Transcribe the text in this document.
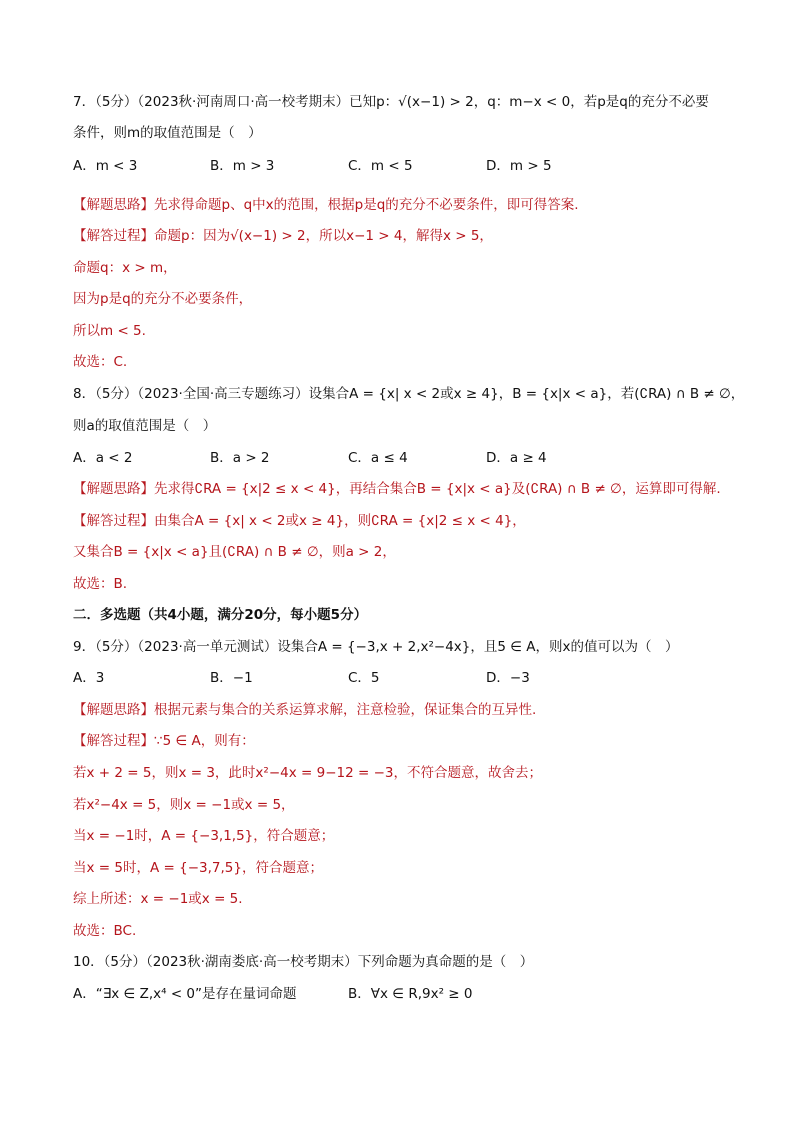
7．（5分）（2023秋·河南周口·高一校考期末）已知p：√(x−1) > 2，q：m−x < 0，若p是q的充分不必要
条件，则m的取值范围是（　）
【解题思路】先求得命题p、q中x的范围，根据p是q的充分不必要条件，即可得答案.
【解答过程】命题p：因为√(x−1) > 2，所以x−1 > 4，解得x > 5，
命题q：x > m，
因为p是q的充分不必要条件，
所以m < 5.
故选：C.
8．（5分）（2023·全国·高三专题练习）设集合A = {x| x < 2或x ≥ 4}，B = {x|x < a}，若(∁RA) ∩ B ≠ ∅，
则a的取值范围是（　）
【解题思路】先求得∁RA = {x|2 ≤ x < 4}，再结合集合B = {x|x < a}及(∁RA) ∩ B ≠ ∅，运算即可得解.
【解答过程】由集合A = {x| x < 2或x ≥ 4}，则∁RA = {x|2 ≤ x < 4}，
又集合B = {x|x < a}且(∁RA) ∩ B ≠ ∅，则a > 2，
故选：B.
二．多选题（共4小题，满分20分，每小题5分）
9．（5分）（2023·高一单元测试）设集合A = {−3,x + 2,x²−4x}，且5 ∈ A，则x的值可以为（　）
【解题思路】根据元素与集合的关系运算求解，注意检验，保证集合的互异性.
【解答过程】∵5 ∈ A，则有：
若x + 2 = 5，则x = 3，此时x²−4x = 9−12 = −3，不符合题意，故舍去；
若x²−4x = 5，则x = −1或x = 5，
当x = −1时，A = {−3,1,5}，符合题意；
当x = 5时，A = {−3,7,5}，符合题意；
综上所述：x = −1或x = 5.
故选：BC.
10．（5分）（2023秋·湖南娄底·高一校考期末）下列命题为真命题的是（　）
A．m < 3	B．m > 3	C．m < 5	D．m > 5
A．a < 2	B．a > 2	C．a ≤ 4	D．a ≥ 4
A．3	B．−1	C．5	D．−3
A．“∃x ∈ Z,x⁴ < 0”是存在量词命题	B．∀x ∈ R,9x² ≥ 0
